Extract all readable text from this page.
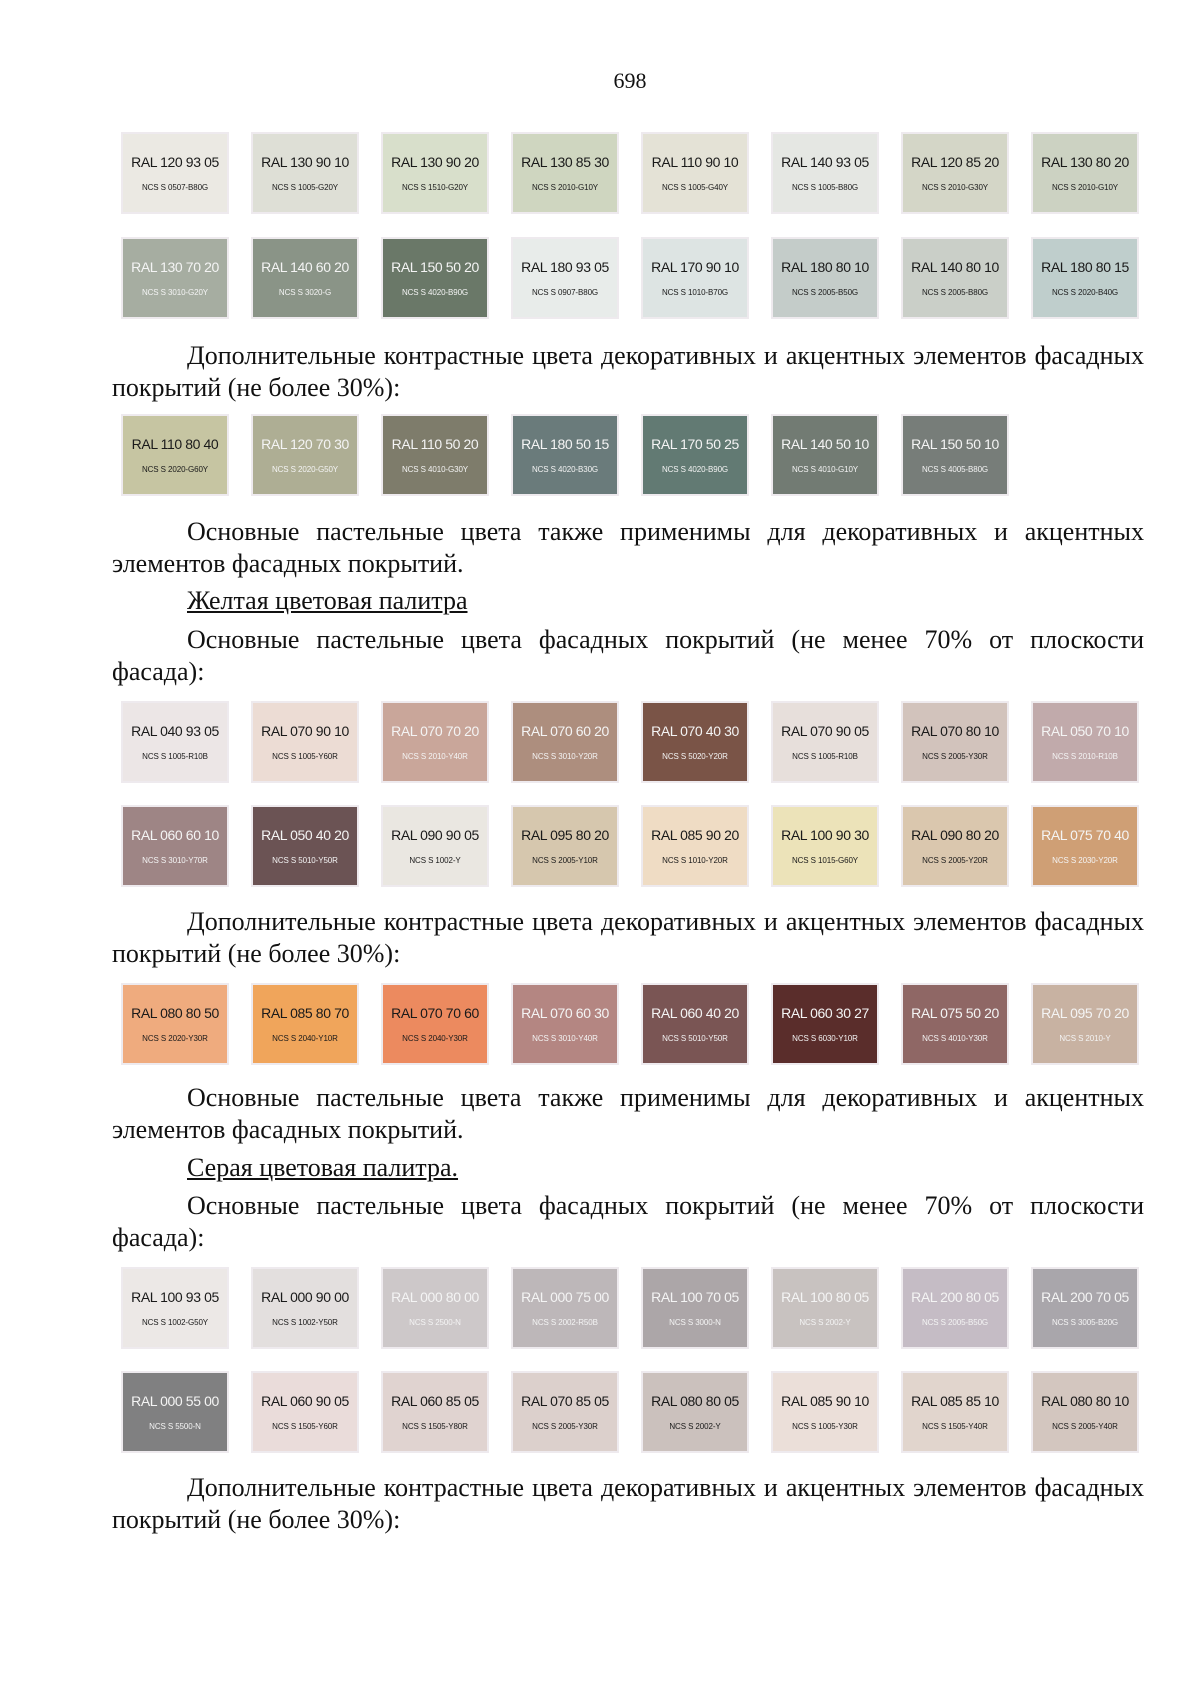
698
RAL 120 93 05
NCS S 0507-B80G
RAL 130 90 10
NCS S 1005-G20Y
RAL 130 90 20
NCS S 1510-G20Y
RAL 130 85 30
NCS S 2010-G10Y
RAL 110 90 10
NCS S 1005-G40Y
RAL 140 93 05
NCS S 1005-B80G
RAL 120 85 20
NCS S 2010-G30Y
RAL 130 80 20
NCS S 2010-G10Y
RAL 130 70 20
NCS S 3010-G20Y
RAL 140 60 20
NCS S 3020-G
RAL 150 50 20
NCS S 4020-B90G
RAL 180 93 05
NCS S 0907-B80G
RAL 170 90 10
NCS S 1010-B70G
RAL 180 80 10
NCS S 2005-B50G
RAL 140 80 10
NCS S 2005-B80G
RAL 180 80 15
NCS S 2020-B40G

Дополнительные контрастные цвета декоративных и акцентных элементов фасадных покрытий (не более 30%):

RAL 110 80 40
NCS S 2020-G60Y
RAL 120 70 30
NCS S 2020-G50Y
RAL 110 50 20
NCS S 4010-G30Y
RAL 180 50 15
NCS S 4020-B30G
RAL 170 50 25
NCS S 4020-B90G
RAL 140 50 10
NCS S 4010-G10Y
RAL 150 50 10
NCS S 4005-B80G

Основные пастельные цвета также применимы для декоративных и акцентных элементов фасадных покрытий.

Желтая цветовая палитра

Основные пастельные цвета фасадных покрытий (не менее 70% от плоскости фасада):

RAL 040 93 05
NCS S 1005-R10B
RAL 070 90 10
NCS S 1005-Y60R
RAL 070 70 20
NCS S 2010-Y40R
RAL 070 60 20
NCS S 3010-Y20R
RAL 070 40 30
NCS S 5020-Y20R
RAL 070 90 05
NCS S 1005-R10B
RAL 070 80 10
NCS S 2005-Y30R
RAL 050 70 10
NCS S 2010-R10B
RAL 060 60 10
NCS S 3010-Y70R
RAL 050 40 20
NCS S 5010-Y50R
RAL 090 90 05
NCS S 1002-Y
RAL 095 80 20
NCS S 2005-Y10R
RAL 085 90 20
NCS S 1010-Y20R
RAL 100 90 30
NCS S 1015-G60Y
RAL 090 80 20
NCS S 2005-Y20R
RAL 075 70 40
NCS S 2030-Y20R

Дополнительные контрастные цвета декоративных и акцентных элементов фасадных покрытий (не более 30%):

RAL 080 80 50
NCS S 2020-Y30R
RAL 085 80 70
NCS S 2040-Y10R
RAL 070 70 60
NCS S 2040-Y30R
RAL 070 60 30
NCS S 3010-Y40R
RAL 060 40 20
NCS S 5010-Y50R
RAL 060 30 27
NCS S 6030-Y10R
RAL 075 50 20
NCS S 4010-Y30R
RAL 095 70 20
NCS S 2010-Y

Основные пастельные цвета также применимы для декоративных и акцентных элементов фасадных покрытий.

Серая цветовая палитра.

Основные пастельные цвета фасадных покрытий (не менее 70% от плоскости фасада):

RAL 100 93 05
NCS S 1002-G50Y
RAL 000 90 00
NCS S 1002-Y50R
RAL 000 80 00
NCS S 2500-N
RAL 000 75 00
NCS S 2002-R50B
RAL 100 70 05
NCS S 3000-N
RAL 100 80 05
NCS S 2002-Y
RAL 200 80 05
NCS S 2005-B50G
RAL 200 70 05
NCS S 3005-B20G
RAL 000 55 00
NCS S 5500-N
RAL 060 90 05
NCS S 1505-Y60R
RAL 060 85 05
NCS S 1505-Y80R
RAL 070 85 05
NCS S 2005-Y30R
RAL 080 80 05
NCS S 2002-Y
RAL 085 90 10
NCS S 1005-Y30R
RAL 085 85 10
NCS S 1505-Y40R
RAL 080 80 10
NCS S 2005-Y40R

Дополнительные контрастные цвета декоративных и акцентных элементов фасадных покрытий (не более 30%):
